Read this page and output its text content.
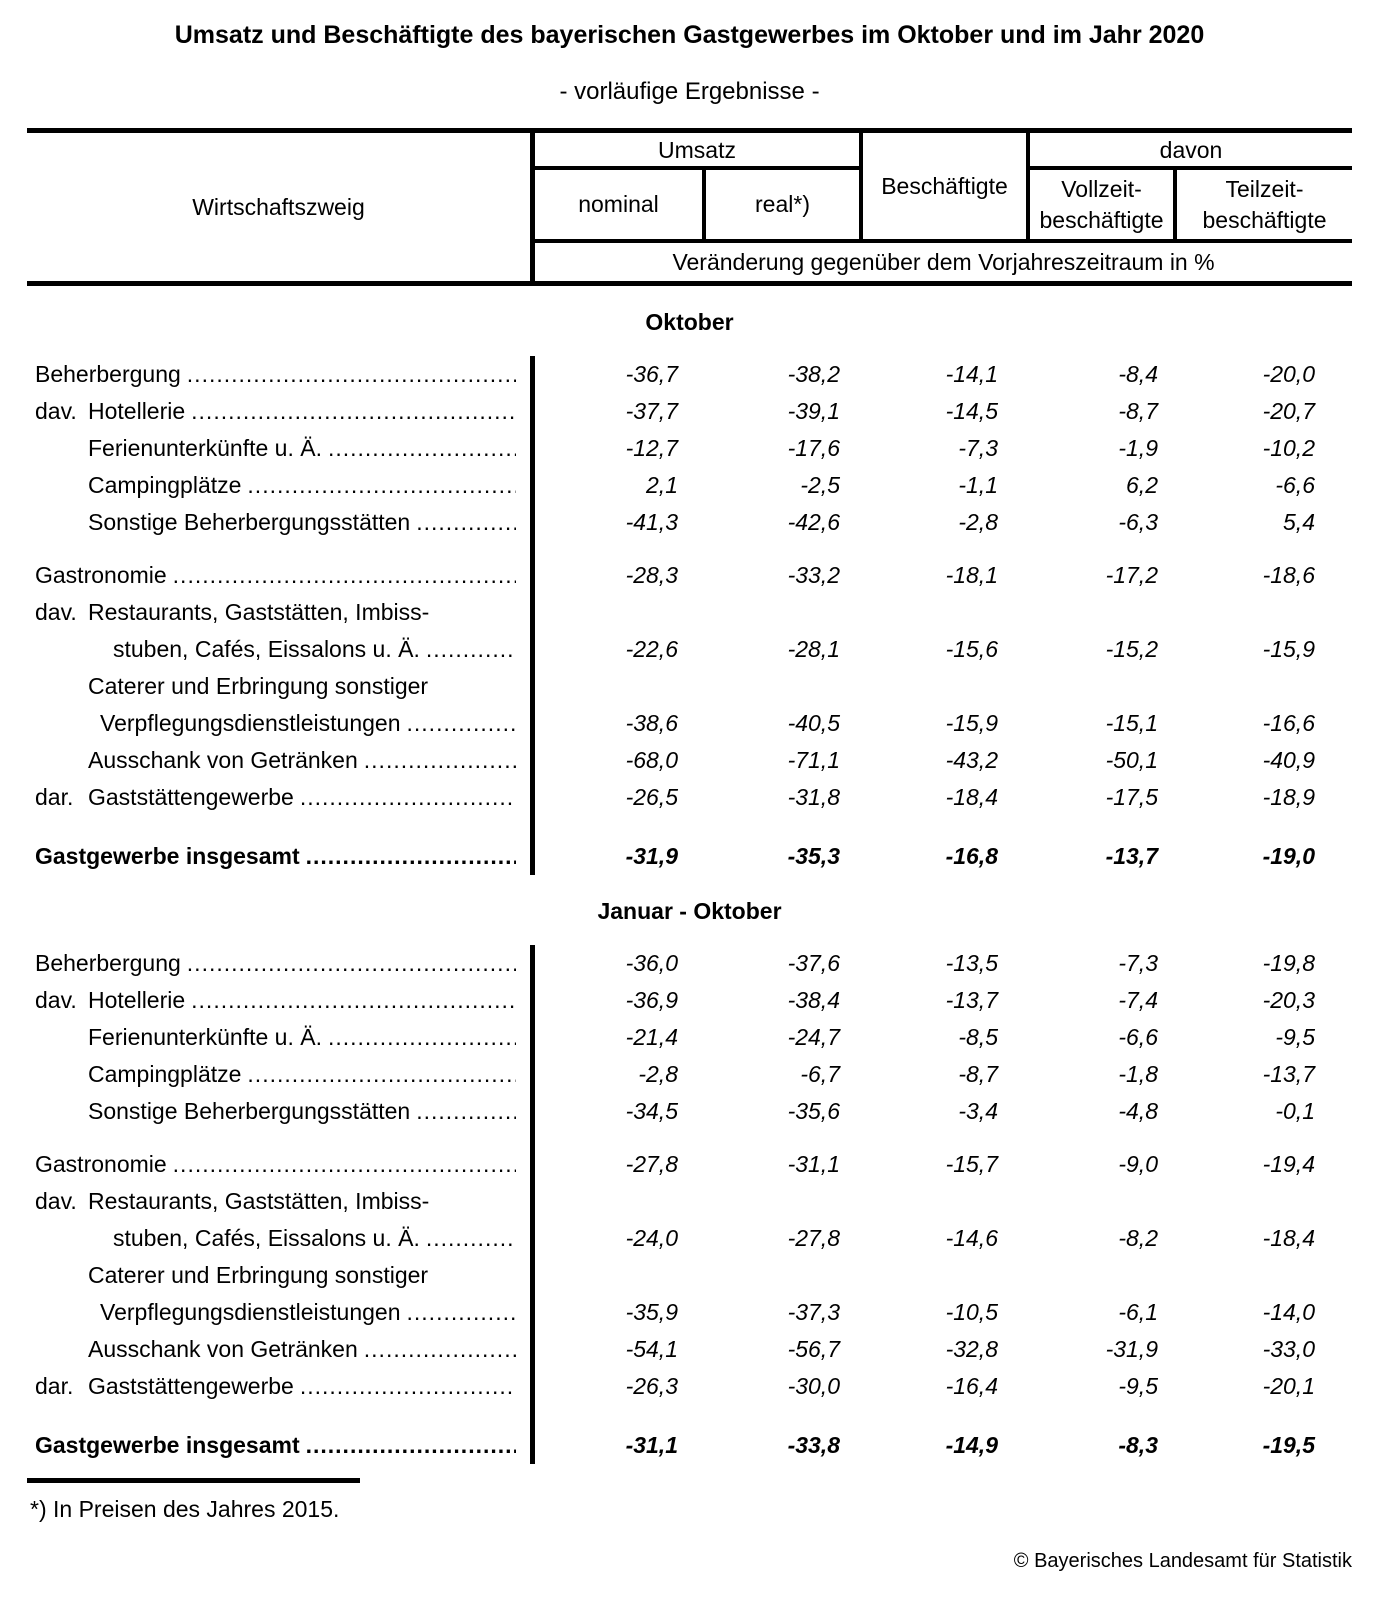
Umsatz und Beschäftigte des bayerischen Gastgewerbes im Oktober und im Jahr 2020
- vorläufige Ergebnisse -
Wirtschaftszweig
Umsatz
nominal	real*)
Beschäftigte
davon
Vollzeit-
beschäftigte
Teilzeit-
beschäftigte
Veränderung gegenüber dem Vorjahreszeitraum in %
Oktober
Beherbergung .....	-36,7	-38,2	-14,1	-8,4	-20,0
dav. Hotellerie .....	-37,7	-39,1	-14,5	-8,7	-20,7
Ferienunterkünfte u. Ä. .....	-12,7	-17,6	-7,3	-1,9	-10,2
Campingplätze .....	2,1	-2,5	-1,1	6,2	-6,6
Sonstige Beherbergungsstätten .....	-41,3	-42,6	-2,8	-6,3	5,4
Gastronomie .....	-28,3	-33,2	-18,1	-17,2	-18,6
dav. Restaurants, Gaststätten, Imbiss-
stuben, Cafés, Eissalons u. Ä. .....	-22,6	-28,1	-15,6	-15,2	-15,9
Caterer und Erbringung sonstiger
Verpflegungsdienstleistungen .....	-38,6	-40,5	-15,9	-15,1	-16,6
Ausschank von Getränken .....	-68,0	-71,1	-43,2	-50,1	-40,9
dar. Gaststättengewerbe .....	-26,5	-31,8	-18,4	-17,5	-18,9
Gastgewerbe insgesamt .....	-31,9	-35,3	-16,8	-13,7	-19,0
Januar - Oktober
Beherbergung .....	-36,0	-37,6	-13,5	-7,3	-19,8
dav. Hotellerie .....	-36,9	-38,4	-13,7	-7,4	-20,3
Ferienunterkünfte u. Ä. .....	-21,4	-24,7	-8,5	-6,6	-9,5
Campingplätze .....	-2,8	-6,7	-8,7	-1,8	-13,7
Sonstige Beherbergungsstätten .....	-34,5	-35,6	-3,4	-4,8	-0,1
Gastronomie .....	-27,8	-31,1	-15,7	-9,0	-19,4
dav. Restaurants, Gaststätten, Imbiss-
stuben, Cafés, Eissalons u. Ä. .....	-24,0	-27,8	-14,6	-8,2	-18,4
Caterer und Erbringung sonstiger
Verpflegungsdienstleistungen .....	-35,9	-37,3	-10,5	-6,1	-14,0
Ausschank von Getränken .....	-54,1	-56,7	-32,8	-31,9	-33,0
dar. Gaststättengewerbe .....	-26,3	-30,0	-16,4	-9,5	-20,1
Gastgewerbe insgesamt .....	-31,1	-33,8	-14,9	-8,3	-19,5
*) In Preisen des Jahres 2015.
© Bayerisches Landesamt für Statistik
